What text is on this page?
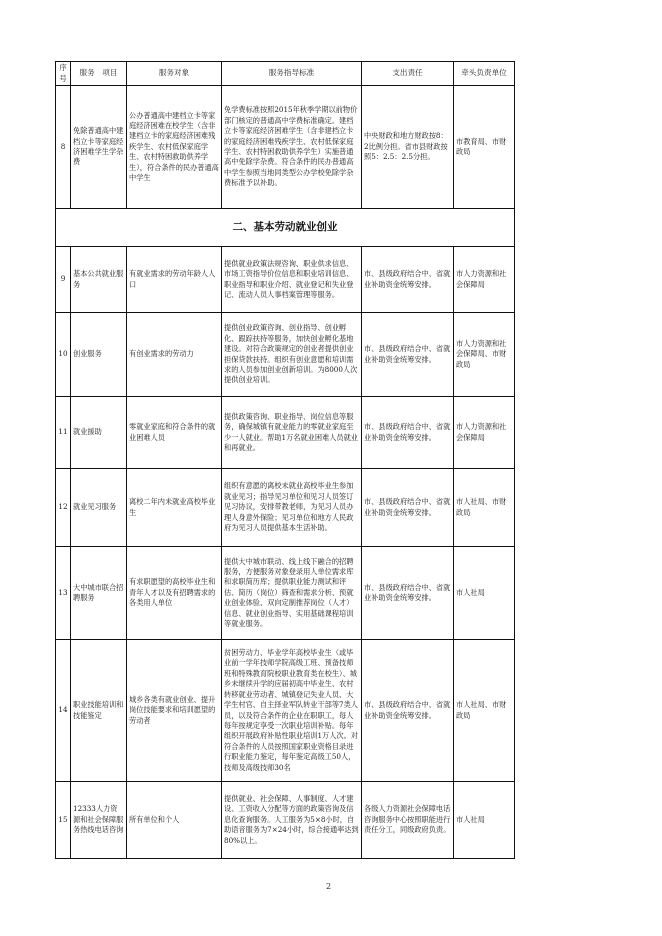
序号	服务　项目	服务对象	服务指导标准	支出责任	牵头负责单位
8	免除普通高中建档立卡等家庭经济困难学生学杂费	公办普通高中建档立卡等家庭经济困难在校学生（含非建档立卡的家庭经济困难残疾学生、农村低保家庭学生、农村特困救助供养学生），符合条件的民办普通高中学生	免学费标准按照2015年秋季学期以前物价部门核定的普通高中学费标准确定。建档立卡等家庭经济困难学生（含非建档立卡的家庭经济困难残疾学生、农村低保家庭学生、农村特困救助供养学生）实施普通高中免除学杂费。符合条件的民办普通高中学生参照当地同类型公办学校免除学杂费标准予以补助。	中央财政和地方财政按8：2比例分担。省市县财政按照5：2.5：2.5分担。	市教育局、市财政局
二、基本劳动就业创业					
9	基本公共就业服务	有就业需求的劳动年龄人人口	提供就业政策法规咨询、职业供求信息、市场工资指导价位信息和职业培训信息、职业指导和职业介绍、就业登记和失业登记、流动人员人事档案管理等服务。	市、县级政府结合中、省就业补助资金统筹安排。	市人力资源和社会保障局
10	创业服务	有创业需求的劳动力	提供创业政策咨询、创业指导、创业孵化、跟踪扶持等服务，加快创业孵化基地建设。对符合政策规定的创业者提供创业担保贷款扶持。组织有创业意愿和培训需求的人员参加创业创新培训。为8000人次提供创业培训。	市、县级政府结合中、省就业补助资金统筹安排。	市人力资源和社会保障局、市财政局
11	就业援助	零就业家庭和符合条件的就业困难人员	提供政策咨询、职业指导、岗位信息等服务，确保城镇有就业能力的零就业家庭至少一人就业。帮助1万名就业困难人员就业和再就业。	市、县级政府结合中、省就业补助资金统筹安排。	市人力资源和社会保障局
12	就业见习服务	离校二年内未就业高校毕业生	组织有意愿的离校未就业高校毕业生参加就业见习；指导见习单位和见习人员签订见习协议，安排带教老师，为见习人员办理人身意外保险；见习单位和地方人民政府为见习人员提供基本生活补助。	市、县级政府结合中、省就业补助资金统筹安排。	市人社局、市财政局
13	大中城市联合招聘服务	有求职愿望的高校毕业生和青年人才以及有招聘需求的各类用人单位	提供大中城市联动、线上线下融合的招聘服务，方便服务对象登录用人单位需求库和求职简历库；提供职业能力测试和评估、简历（岗位）筛查和需求分析、预就业创业体验、双向定制推荐岗位（人才）信息、就业创业指导、实用基础课程培训等就业服务。	市、县级政府结合中、省就业补助资金统筹安排。	市人社局
14	职业技能培训和技能鉴定	城乡各类有就业创业、提升岗位技能要求和培训愿望的劳动者	贫困劳动力、毕业学年高校毕业生（或毕业前一学年技师学院高级工班、预备技师班和特殊教育院校职业教育类在校生）、城乡未继续升学的应届初高中毕业生、农村转移就业劳动者、城镇登记失业人员、大学生村官、自主择业军队转业干部等7类人员，以及符合条件的企业在职职工，每人每年按规定享受一次职业培训补贴。每年组织开展政府补贴性职业培训1万人次。对符合条件的人员按照国家职业资格目录进行职业能力鉴定，每年鉴定高级工50人，技师及高级技师30名	市、县级政府结合中、省就业补助资金统筹安排。	市人社局、市财政局
15	12333人力资源和社会保障服务热线电话咨询	所有单位和个人	提供就业、社会保障、人事制度、人才建设、工资收入分配等方面的政策咨询及信息化查询服务。人工服务为5×8小时，自助语音服务为7×24小时，综合接通率达到80%以上。	各级人力资源社会保障电话咨询服务中心按照职能进行责任分工，同级政府负责。	市人社局
2
